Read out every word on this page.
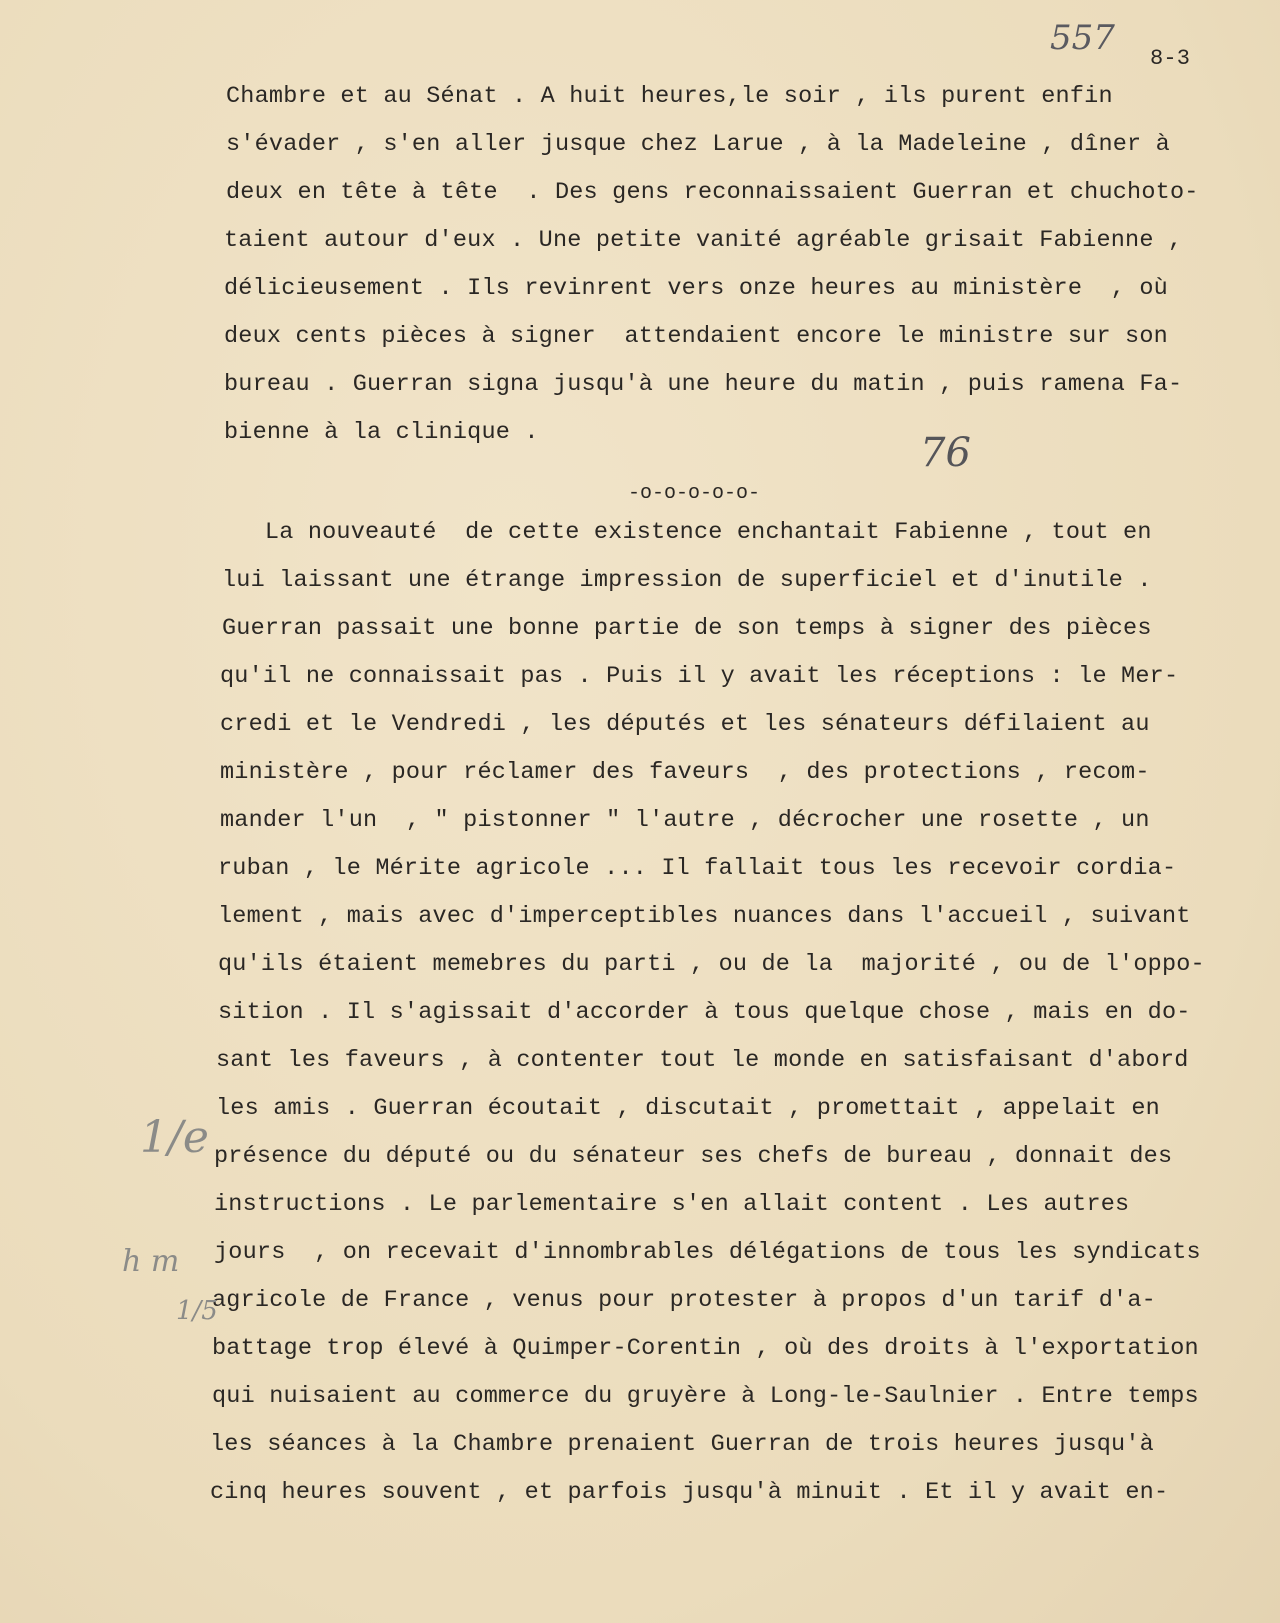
557
8-3

Chambre et au Sénat . A huit heures,le soir , ils purent enfin

s'évader , s'en aller jusque chez Larue , à la Madeleine , dîner à

deux en tête à tête  . Des gens reconnaissaient Guerran et chuchoto-

taient autour d'eux . Une petite vanité agréable grisait Fabienne ,

délicieusement . Ils revinrent vers onze heures au ministère  , où

deux cents pièces à signer  attendaient encore le ministre sur son

bureau . Guerran signa jusqu'à une heure du matin , puis ramena Fa-

bienne à la clinique .	76
-o-o-o-o-o-

La nouveauté  de cette existence enchantait Fabienne , tout en

lui laissant une étrange impression de superficiel et d'inutile .

Guerran passait une bonne partie de son temps à signer des pièces

qu'il ne connaissait pas . Puis il y avait les réceptions : le Mer-

credi et le Vendredi , les députés et les sénateurs défilaient au

ministère , pour réclamer des faveurs  , des protections , recom-

mander l'un  , " pistonner " l'autre , décrocher une rosette , un

ruban , le Mérite agricole ... Il fallait tous les recevoir cordia-

lement , mais avec d'imperceptibles nuances dans l'accueil , suivant

qu'ils étaient memebres du parti , ou de la  majorité , ou de l'oppo-

sition . Il s'agissait d'accorder à tous quelque chose , mais en do-

sant les faveurs , à contenter tout le monde en satisfaisant d'abord

les amis . Guerran écoutait , discutait , promettait , appelait en

présence du député ou du sénateur ses chefs de bureau , donnait des

instructions . Le parlementaire s'en allait content . Les autres

jours  , on recevait d'innombrables délégations de tous les syndicats

agricole de France , venus pour protester à propos d'un tarif d'a-

battage trop élevé à Quimper-Corentin , où des droits à l'exportation

qui nuisaient au commerce du gruyère à Long-le-Saulnier . Entre temps

les séances à la Chambre prenaient Guerran de trois heures jusqu'à

cinq heures souvent , et parfois jusqu'à minuit . Et il y avait en-

1/e
h m
1/5
